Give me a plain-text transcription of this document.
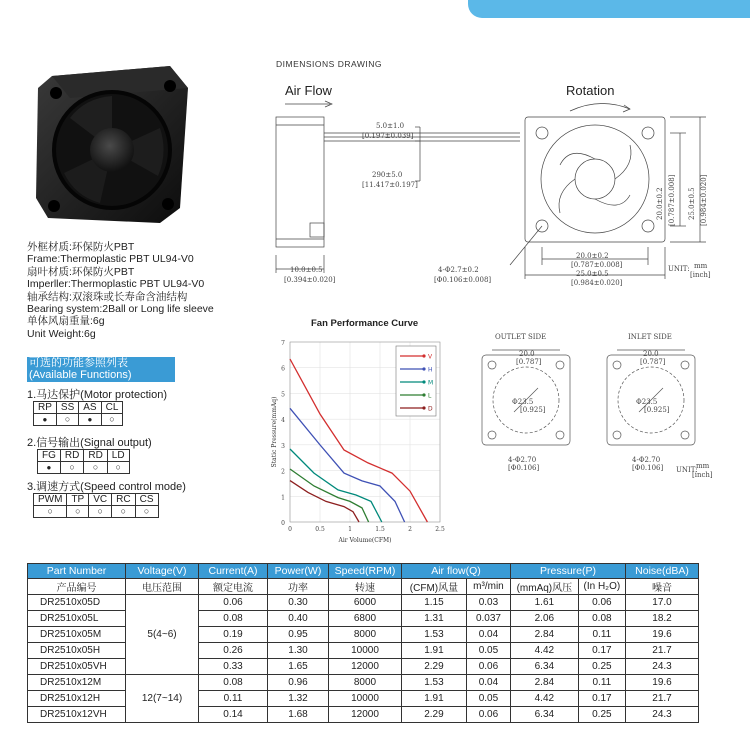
外框材质:环保防火PBT
Frame:Thermoplastic PBT UL94-V0
扇叶材质:环保防火PBT
Imperller:Thermoplastic PBT UL94-V0
轴承结构:双滚珠或长寿命含油结构
Bearing system:2Ball or Long life sleeve
单体风扇重量:6g
Unit Weight:6g
可选的功能参照列表
(Available Functions)
1.马达保护(Motor protection)
RP	SS	AS	CL
●	○	●	○
2.信号输出(Signal output)
FG	RD	RD	LD
●	○	○	○
3.调速方式(Speed control mode)
PWM	TP	VC	RC	CS
○	○	○	○	○
DIMENSIONS DRAWING
Air Flow	Rotation
5.0±1.0
[0.197±0.039]
290±5.0
[11.417±0.197]
10.0±0.5
[0.394±0.020]
4-Φ2.7±0.2
[Φ0.106±0.008]
20.0±0.2
[0.787±0.008]
25.0±0.5
[0.984±0.020]
20.0±0.2 [0.787±0.008] 25.0±0.5 [0.984±0.020]
UNIT: mm
[inch]
Fan Performance Curve
0
1
2
3
4
5
6
7
0	0.5	1	1.5	2	2.5
Air Volume(CFM)
Static Pressure(mmAq)
V
H
M
L
D
OUTLET SIDE	INLET SIDE
20.0
[0.787]
20.0
[0.787]
Φ23.5
[0.925]
Φ23.5
[0.925]
4-Φ2.70
[Φ0.106]
4-Φ2.70
[Φ0.106] UNIT:
mm
[inch]
Part Number	Voltage(V)	Current(A)	Power(W)	Speed(RPM)	Air flow(Q)		Pressure(P)		Noise(dBA)
产品编号	电压范围	额定电流	功率	转速	(CFM)风量	m³/min	(mmAq)风压	(In H₂O)	噪音
DR2510x05D	5(4~6)	0.06	0.30	6000	1.15	0.03	1.61	0.06	17.0
DR2510x05L		0.08	0.40	6800	1.31	0.037	2.06	0.08	18.2
DR2510x05M		0.19	0.95	8000	1.53	0.04	2.84	0.11	19.6
DR2510x05H		0.26	1.30	10000	1.91	0.05	4.42	0.17	21.7
DR2510x05VH		0.33	1.65	12000	2.29	0.06	6.34	0.25	24.3
DR2510x12M	12(7~14)	0.08	0.96	8000	1.53	0.04	2.84	0.11	19.6
DR2510x12H		0.11	1.32	10000	1.91	0.05	4.42	0.17	21.7
DR2510x12VH		0.14	1.68	12000	2.29	0.06	6.34	0.25	24.3
